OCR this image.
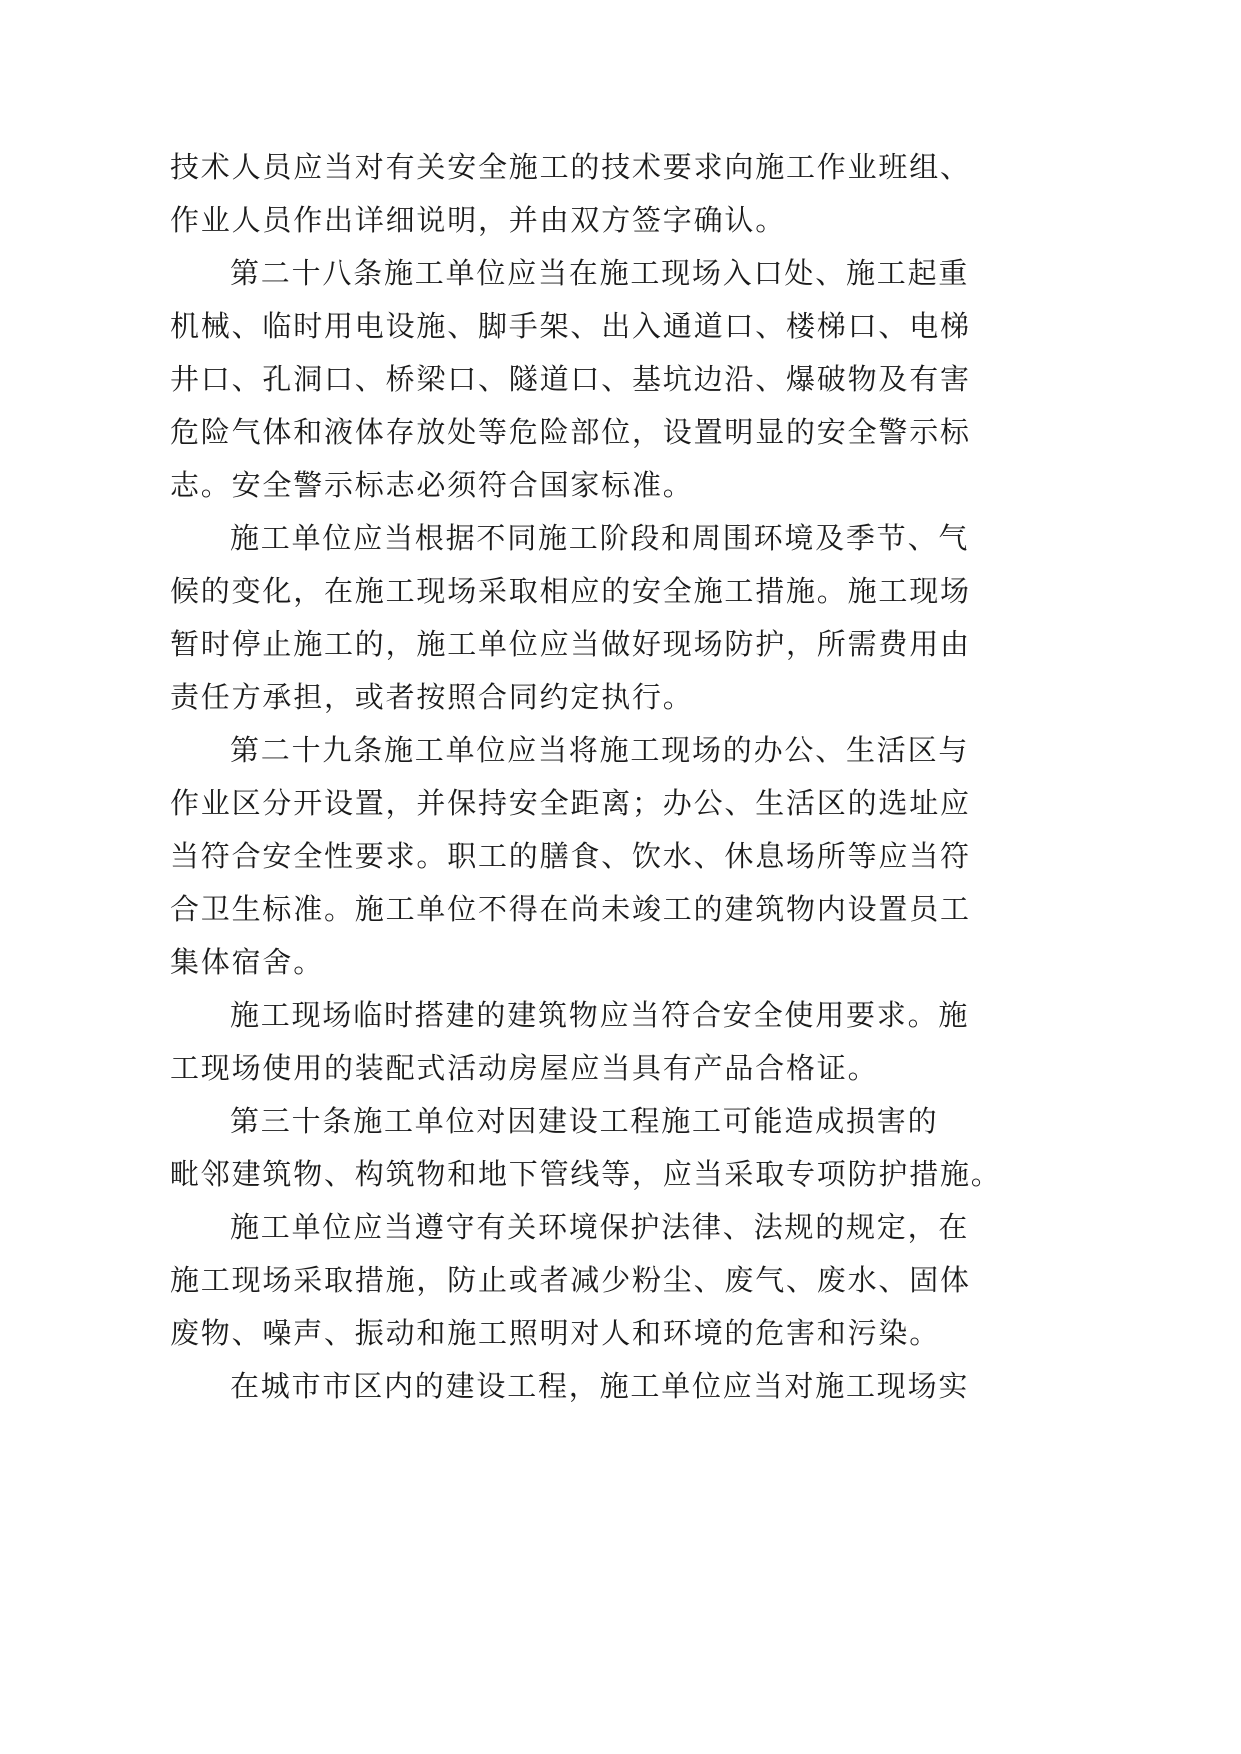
技术人员应当对有关安全施工的技术要求向施工作业班组、
作业人员作出详细说明，并由双方签字确认。
第二十八条施工单位应当在施工现场入口处、施工起重
机械、临时用电设施、脚手架、出入通道口、楼梯口、电梯
井口、孔洞口、桥梁口、隧道口、基坑边沿、爆破物及有害
危险气体和液体存放处等危险部位，设置明显的安全警示标
志。安全警示标志必须符合国家标准。
施工单位应当根据不同施工阶段和周围环境及季节、气
候的变化，在施工现场采取相应的安全施工措施。施工现场
暂时停止施工的，施工单位应当做好现场防护，所需费用由
责任方承担，或者按照合同约定执行。
第二十九条施工单位应当将施工现场的办公、生活区与
作业区分开设置，并保持安全距离；办公、生活区的选址应
当符合安全性要求。职工的膳食、饮水、休息场所等应当符
合卫生标准。施工单位不得在尚未竣工的建筑物内设置员工
集体宿舍。
施工现场临时搭建的建筑物应当符合安全使用要求。施
工现场使用的装配式活动房屋应当具有产品合格证。
第三十条施工单位对因建设工程施工可能造成损害的
毗邻建筑物、构筑物和地下管线等，应当采取专项防护措施。
施工单位应当遵守有关环境保护法律、法规的规定，在
施工现场采取措施，防止或者减少粉尘、废气、废水、固体
废物、噪声、振动和施工照明对人和环境的危害和污染。
在城市市区内的建设工程，施工单位应当对施工现场实
